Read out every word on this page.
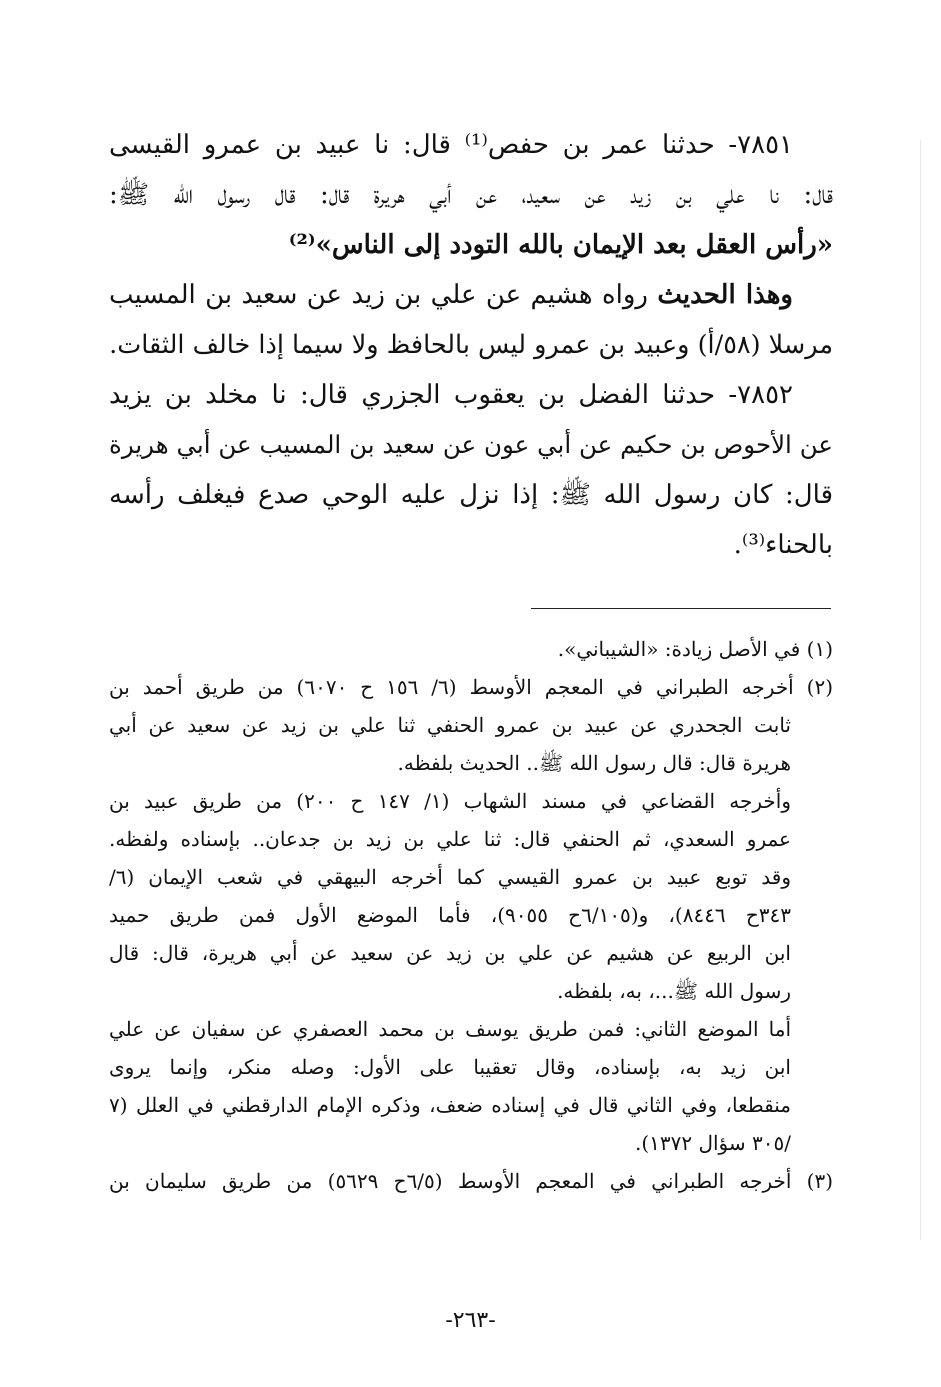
٧٨٥١- حدثنا عمر بن حفص⁽¹⁾ قال: نا عبيد بن عمرو القيسى
قال: نا علي بن زيد عن سعيد، عن أبي هريرة قال: قال رسول الله ﷺ:
«رأس العقل بعد الإيمان بالله التودد إلى الناس»⁽²⁾
وهذا الحديث رواه هشيم عن علي بن زيد عن سعيد بن المسيب
مرسلا (٥٨/أ) وعبيد بن عمرو ليس بالحافظ ولا سيما إذا خالف الثقات.
٧٨٥٢- حدثنا الفضل بن يعقوب الجزري قال: نا مخلد بن يزيد
عن الأحوص بن حكيم عن أبي عون عن سعيد بن المسيب عن أبي هريرة
قال: كان رسول الله ﷺ: إذا نزل عليه الوحي صدع فيغلف رأسه
بالحناء⁽³⁾.
(١) في الأصل زيادة: «الشيباني».
(٢) أخرجه الطبراني في المعجم الأوسط (٦/ ١٥٦ ح ٦٠٧٠) من طريق أحمد بن
ثابت الجحدري عن عبيد بن عمرو الحنفي ثنا علي بن زيد عن سعيد عن أبي
هريرة قال: قال رسول الله ﷺ.. الحديث بلفظه.
وأخرجه القضاعي في مسند الشهاب (١/ ١٤٧ ح ٢٠٠) من طريق عبيد بن
عمرو السعدي، ثم الحنفي قال: ثنا علي بن زيد بن جدعان.. بإسناده ولفظه.
وقد توبع عبيد بن عمرو القيسي كما أخرجه البيهقي في شعب الإيمان (٦/
٣٤٣ح ٨٤٤٦)، و(٦/١٠٥ح ٩٠٥٥)، فأما الموضع الأول فمن طريق حميد
ابن الربيع عن هشيم عن علي بن زيد عن سعيد عن أبي هريرة، قال: قال
رسول الله ﷺ...، به، بلفظه.
أما الموضع الثاني: فمن طريق يوسف بن محمد العصفري عن سفيان عن علي
ابن زيد به، بإسناده، وقال تعقيبا على الأول: وصله منكر، وإنما يروى
منقطعا، وفي الثاني قال في إسناده ضعف، وذكره الإمام الدارقطني في العلل (٧
/٣٠٥ سؤال ١٣٧٢).
(٣) أخرجه الطبراني في المعجم الأوسط (٦/٥ح ٥٦٢٩) من طريق سليمان بن
-٢٦٣-
